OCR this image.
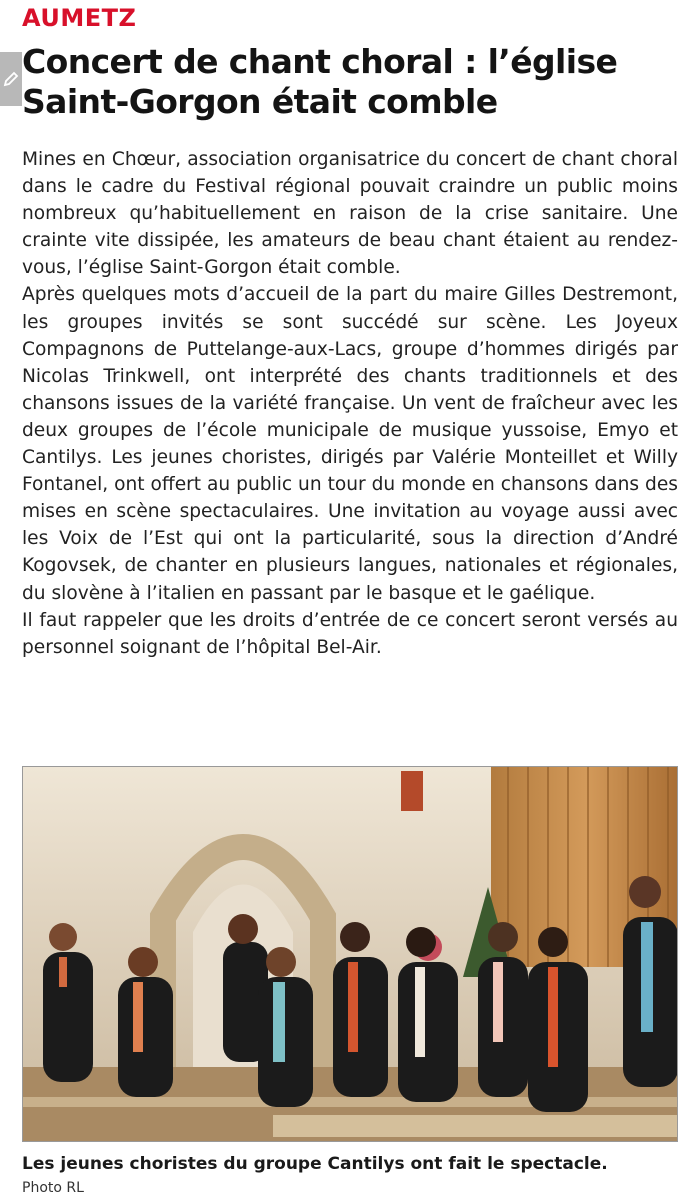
AUMETZ
Concert de chant choral : l’église
Saint-Gorgon était comble

Mines en Chœur, association organisatrice du concert de chant choral dans le cadre du Festival régional pouvait craindre un public moins nombreux qu’habituellement en raison de la crise sanitaire. Une crainte vite dissipée, les amateurs de beau chant étaient au rendez-vous, l’église Saint-Gorgon était comble.

Après quelques mots d’accueil de la part du maire Gilles Destremont, les groupes invités se sont succédé sur scène. Les Joyeux Compagnons de Puttelange-aux-Lacs, groupe d’hommes dirigés par Nicolas Trinkwell, ont interprété des chants traditionnels et des chansons issues de la variété française. Un vent de fraîcheur avec les deux groupes de l’école municipale de musique yussoise, Emyo et Cantilys. Les jeunes choristes, dirigés par Valérie Monteillet et Willy Fontanel, ont offert au public un tour du monde en chansons dans des mises en scène spectaculaires. Une invitation au voyage aussi avec les Voix de l’Est qui ont la particularité, sous la direction d’André Kogovsek, de chanter en plusieurs langues, nationales et régionales, du slovène à l’italien en passant par le basque et le gaélique.

Il faut rappeler que les droits d’entrée de ce concert seront versés au personnel soignant de l’hôpital Bel-Air.

Les jeunes choristes du groupe Cantilys ont fait le spectacle.
Photo RL
